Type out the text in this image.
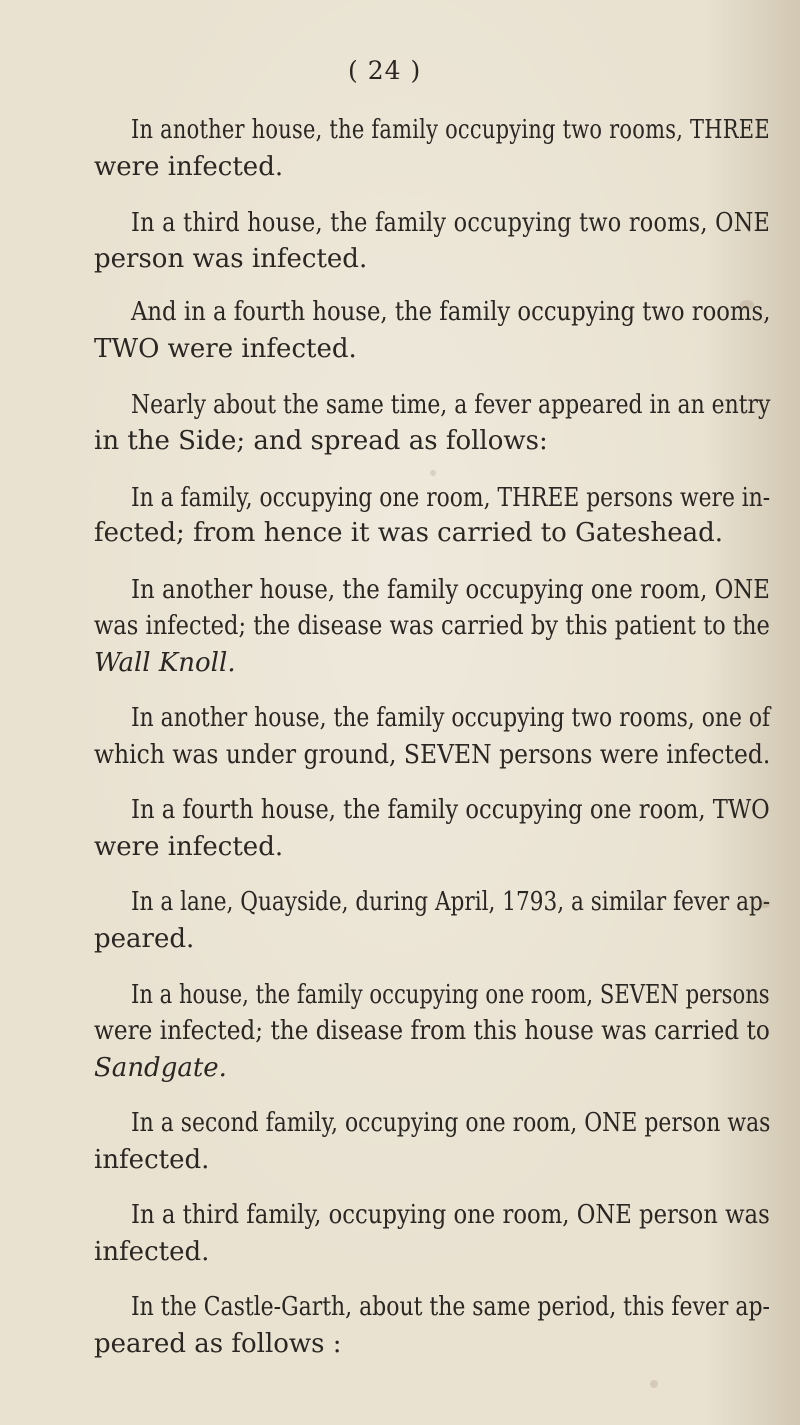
( 24 )
In another house, the family occupying two rooms, THREE
were infected.
In a third house, the family occupying two rooms, ONE
person was infected.
And in a fourth house, the family occupying two rooms,
TWO were infected.
Nearly about the same time, a fever appeared in an entry
in the Side; and spread as follows:
In a family, occupying one room, THREE persons were in-
fected; from hence it was carried to Gateshead.
In another house, the family occupying one room, ONE
was infected; the disease was carried by this patient to the
Wall Knoll.
In another house, the family occupying two rooms, one of
which was under ground, SEVEN persons were infected.
In a fourth house, the family occupying one room, TWO
were infected.
In a lane, Quayside, during April, 1793, a similar fever ap-
peared.
In a house, the family occupying one room, SEVEN persons
were infected; the disease from this house was carried to
Sandgate.
In a second family, occupying one room, ONE person was
infected.
In a third family, occupying one room, ONE person was
infected.
In the Castle-Garth, about the same period, this fever ap-
peared as follows :
